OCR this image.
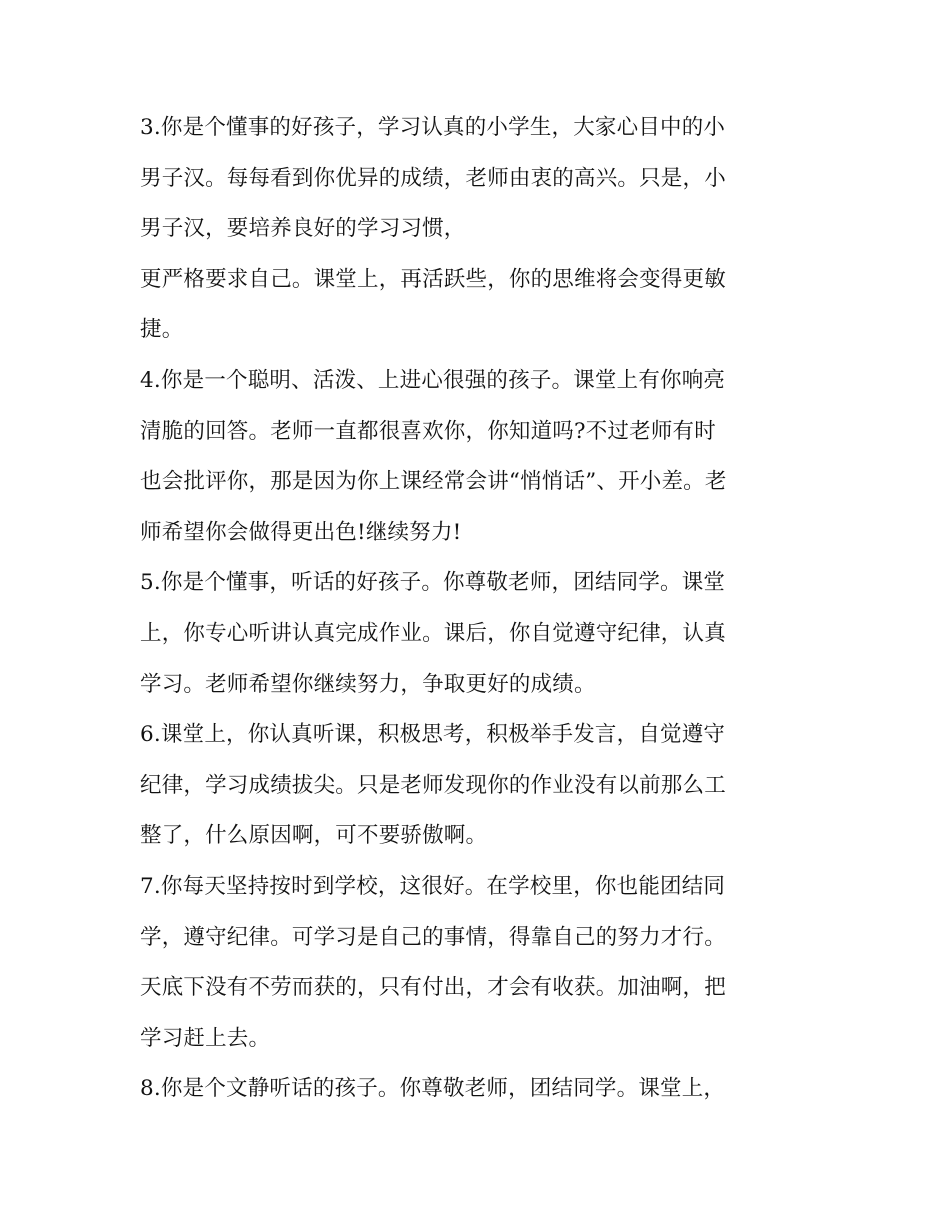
3.你是个懂事的好孩子，学习认真的小学生，大家心目中的小

男子汉。每每看到你优异的成绩，老师由衷的高兴。只是，小

男子汉，要培养良好的学习习惯，

更严格要求自己。课堂上，再活跃些，你的思维将会变得更敏

捷。

4.你是一个聪明、活泼、上进心很强的孩子。课堂上有你响亮

清脆的回答。老师一直都很喜欢你，你知道吗?不过老师有时

也会批评你，那是因为你上课经常会讲“悄悄话”、开小差。老

师希望你会做得更出色!继续努力!

5.你是个懂事，听话的好孩子。你尊敬老师，团结同学。课堂

上，你专心听讲认真完成作业。课后，你自觉遵守纪律，认真

学习。老师希望你继续努力，争取更好的成绩。

6.课堂上，你认真听课，积极思考，积极举手发言，自觉遵守

纪律，学习成绩拔尖。只是老师发现你的作业没有以前那么工

整了，什么原因啊，可不要骄傲啊。

7.你每天坚持按时到学校，这很好。在学校里，你也能团结同

学，遵守纪律。可学习是自己的事情，得靠自己的努力才行。

天底下没有不劳而获的，只有付出，才会有收获。加油啊，把

学习赶上去。

8.你是个文静听话的孩子。你尊敬老师，团结同学。课堂上，
